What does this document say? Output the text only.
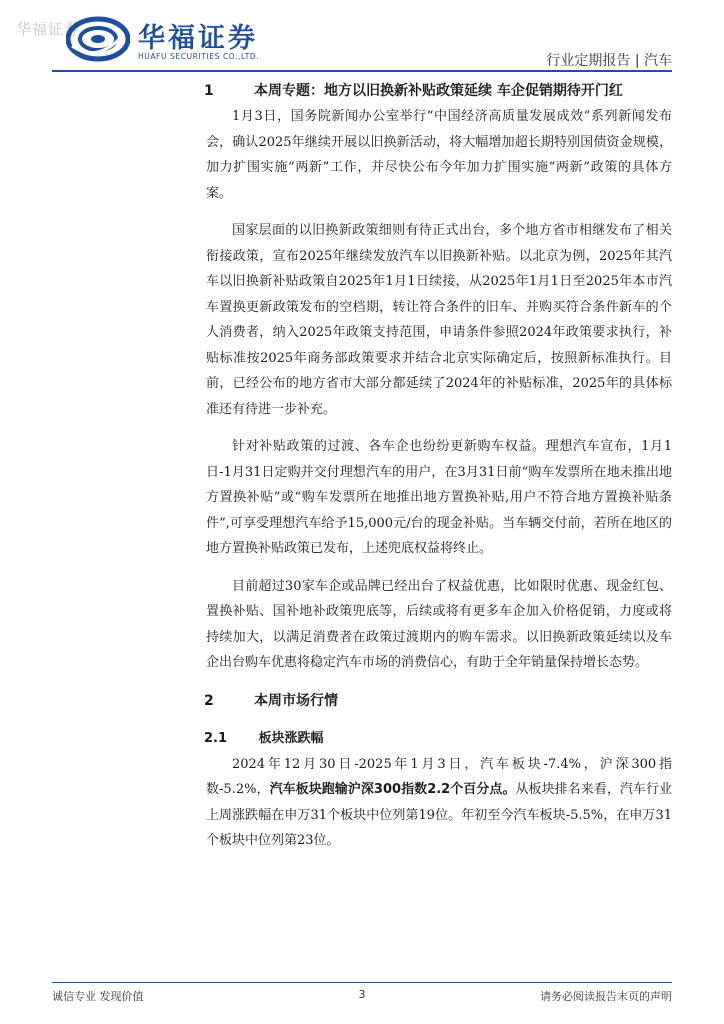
华福证券 华福证券
HUAFU SECURITIES CO.,LTD.	行业定期报告 | 汽车
1	本周专题：地方以旧换新补贴政策延续 车企促销期待开门红

1月3日，国务院新闻办公室举行“中国经济高质量发展成效”系列新闻发布会，确认2025年继续开展以旧换新活动，将大幅增加超长期特别国债资金规模，加力扩围实施“两新”工作，并尽快公布今年加力扩围实施“两新”政策的具体方案。

国家层面的以旧换新政策细则有待正式出台，多个地方省市相继发布了相关衔接政策，宣布2025年继续发放汽车以旧换新补贴。以北京为例，2025年其汽车以旧换新补贴政策自2025年1月1日续接，从2025年1月1日至2025年本市汽车置换更新政策发布的空档期，转让符合条件的旧车、并购买符合条件新车的个人消费者，纳入2025年政策支持范围，申请条件参照2024年政策要求执行，补贴标准按2025年商务部政策要求并结合北京实际确定后，按照新标准执行。目前，已经公布的地方省市大部分都延续了2024年的补贴标准，2025年的具体标准还有待进一步补充。

针对补贴政策的过渡、各车企也纷纷更新购车权益。理想汽车宣布，1月1日-1月31日定购并交付理想汽车的用户，在3月31日前“购车发票所在地未推出地方置换补贴”或“购车发票所在地推出地方置换补贴,用户不符合地方置换补贴条件”,可享受理想汽车给予15,000元/台的现金补贴。当车辆交付前，若所在地区的地方置换补贴政策已发布，上述兜底权益将终止。

目前超过30家车企或品牌已经出台了权益优惠，比如限时优惠、现金红包、置换补贴、国补地补政策兜底等，后续或将有更多车企加入价格促销，力度或将持续加大，以满足消费者在政策过渡期内的购车需求。以旧换新政策延续以及车企出台购车优惠将稳定汽车市场的消费信心，有助于全年销量保持增长态势。

2	本周市场行情
2.1 板块涨跌幅

2024年12月30日-2025年1月3日，汽车板块-7.4%，沪深300指数-5.2%，汽车板块跑输沪深300指数2.2个百分点。从板块排名来看，汽车行业上周涨跌幅在申万31个板块中位列第19位。年初至今汽车板块-5.5%，在申万31个板块中位列第23位。

诚信专业 发现价值	3	请务必阅读报告末页的声明
